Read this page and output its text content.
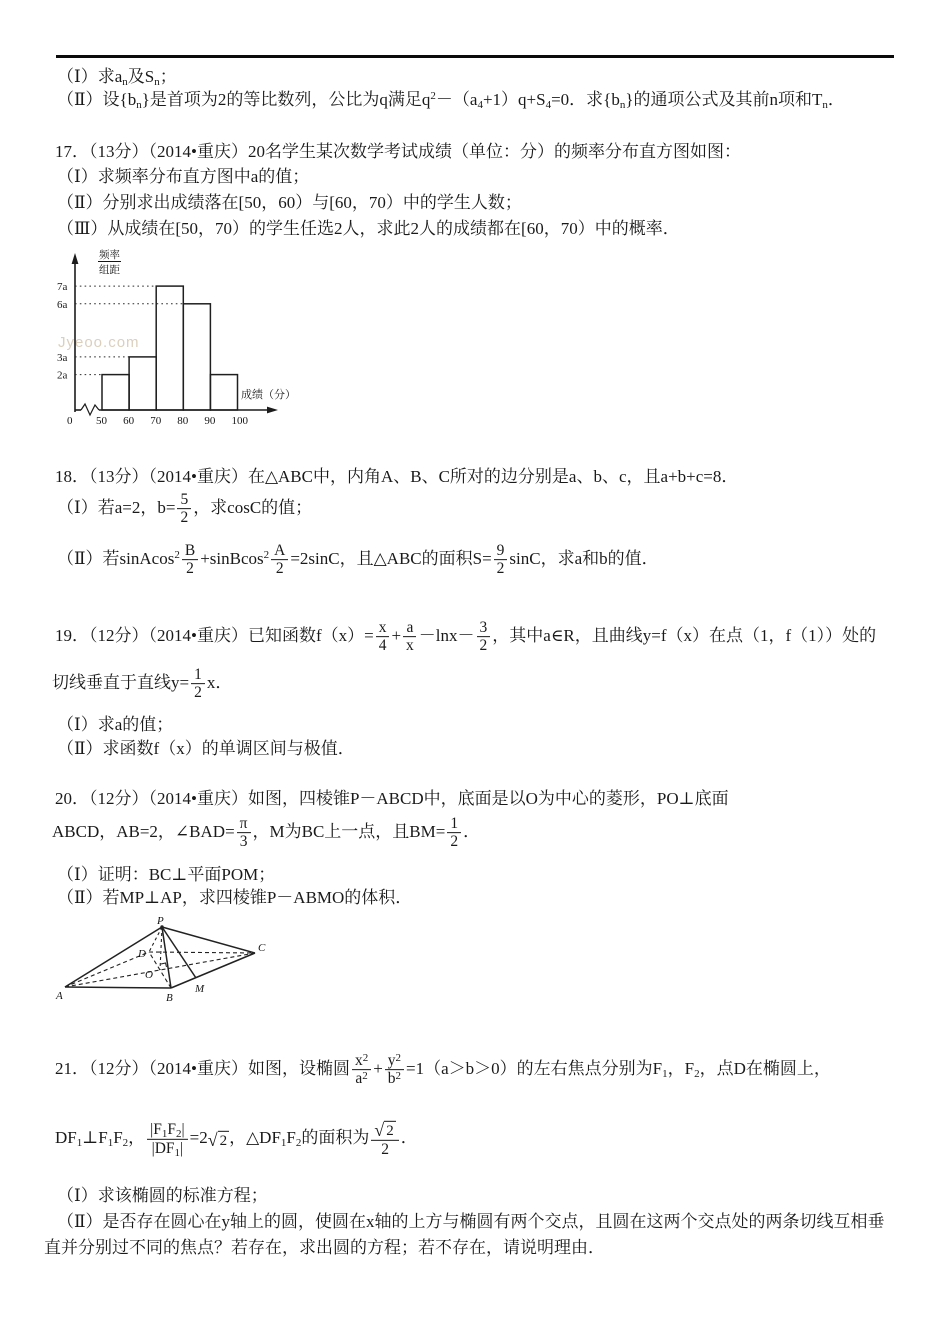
（Ⅰ）求$a_n$及$S_n$；
（Ⅱ）设$\{b_n\}$是首项为2的等比数列，公比为q满足$q^2-(a_4+1)q+S_4=0$．求$\{b_n\}$的通项公式及其前n项和$T_n$．
17．（13分）（2014•重庆）20名学生某次数学考试成绩（单位：分）的频率分布直方图如图：
（Ⅰ）求频率分布直方图中a的值；
（Ⅱ）分别求出成绩落在[50，60）与[60，70）中的学生人数；
（Ⅲ）从成绩在[50，70）的学生任选2人，求此2人的成绩都在[60，70）中的概率．
18．（13分）（2014•重庆）在△ABC中，内角A、B、C所对的边分别是a、b、c，且a+b+c=8．
（Ⅰ）若a=2，$b= \frac{5}{2}$ ，求cosC的值；
（Ⅱ）若sinAcos$^2$ $\frac{B}{2}$ +sinBcos$^2$ $\frac{A}{2} =2\sin C$，且△ABC的面积$S= \frac{9}{2}$ sinC，求a和b的值．
19．（12分）（2014•重庆）已知函数$f(x)= \frac{x}{4} + \frac{a}{x} -\ln x- \frac{3}{2}$ ，其中a∈R，且曲线y=f（x）在点（1，f（1））处的
切线垂直于直线$y= \frac{1}{2}$ x．
（Ⅰ）求a的值；
（Ⅱ）求函数f（x）的单调区间与极值．
20．（12分）（2014•重庆）如图，四棱锥P－ABCD中，底面是以O为中心的菱形，PO⊥底面
ABCD，AB=2，∠BAD= $\frac{\pi}{3}$ ，M为BC上一点，且$BM= \frac{1}{2}$ ．
（Ⅰ）证明：BC⊥平面POM；
（Ⅱ）若MP⊥AP，求四棱锥P－ABMO的体积．
21．（12分）（2014•重庆）如图，设椭圆 $\frac{x^2}{a^2} + \frac{y^2}{b^2} =1(a>b>0)$的左右焦点分别为$F_1$，$F_2$，点D在椭圆上，
$DF_1\perp F_1F_2$， $\frac{|F_1F_2|}{|DF_1|} =2$ √ 2 ，$\triangle DF_1F_2$的面积为 $\frac{√ 2}{2}$ ．
（Ⅰ）求该椭圆的标准方程；
（Ⅱ）是否存在圆心在y轴上的圆，使圆在x轴的上方与椭圆有两个交点，且圆在这两个交点处的两条切线互相垂
直并分别过不同的焦点？若存在，求出圆的方程；若不存在，请说明理由．
Jyeoo.com
频率
组距
成绩（分）
0
7a
6a
3a
2a
50 60 70 80 90 100
P
A	B
M
C
D
O
